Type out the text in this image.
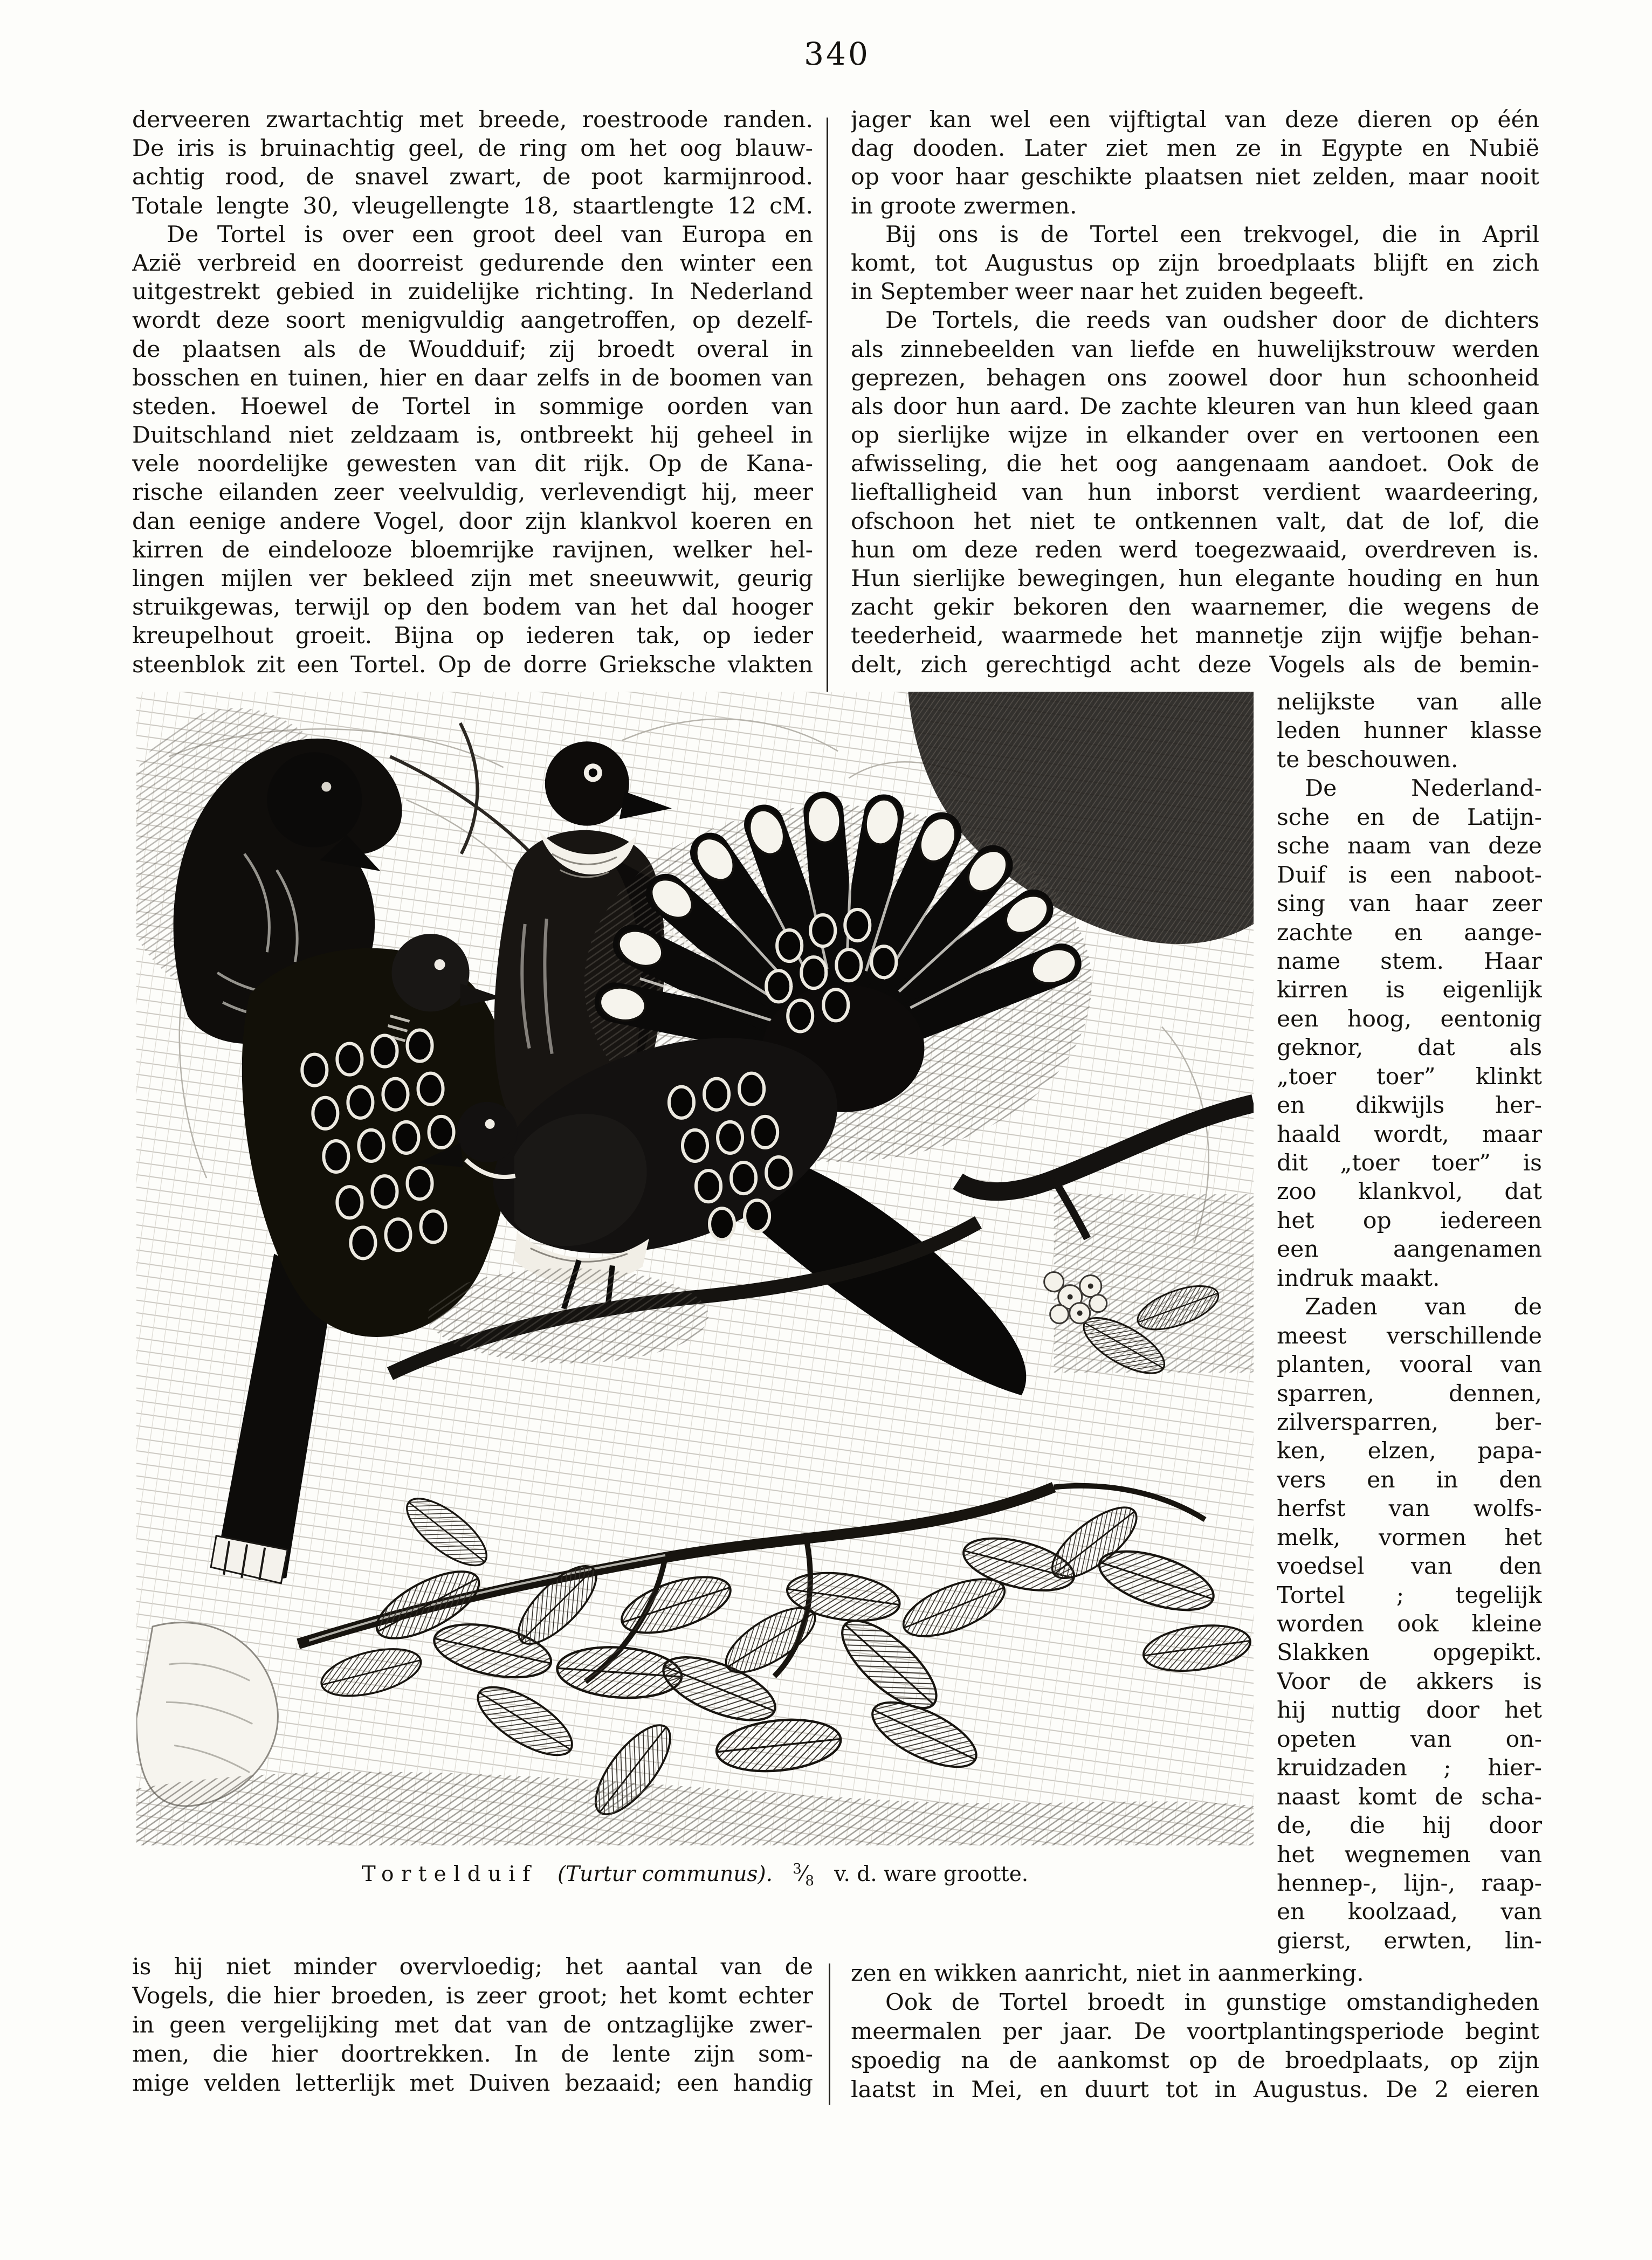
340
derveeren zwartachtig met breede, roestroode randen.
De iris is bruinachtig geel, de ring om het oog blauw-
achtig rood, de snavel zwart, de poot karmijnrood.
Totale lengte 30, vleugellengte 18, staartlengte 12 cM.
De Tortel is over een groot deel van Europa en
Azië verbreid en doorreist gedurende den winter een
uitgestrekt gebied in zuidelijke richting. In Nederland
wordt deze soort menigvuldig aangetroffen, op dezelf-
de plaatsen als de Woudduif; zij broedt overal in
bosschen en tuinen, hier en daar zelfs in de boomen van
steden. Hoewel de Tortel in sommige oorden van
Duitschland niet zeldzaam is, ontbreekt hij geheel in
vele noordelijke gewesten van dit rijk. Op de Kana-
rische eilanden zeer veelvuldig, verlevendigt hij, meer
dan eenige andere Vogel, door zijn klankvol koeren en
kirren de eindelooze bloemrijke ravijnen, welker hel-
lingen mijlen ver bekleed zijn met sneeuwwit, geurig
struikgewas, terwijl op den bodem van het dal hooger
kreupelhout groeit. Bijna op iederen tak, op ieder
steenblok zit een Tortel. Op de dorre Grieksche vlakten
jager kan wel een vijftigtal van deze dieren op één
dag dooden. Later ziet men ze in Egypte en Nubië
op voor haar geschikte plaatsen niet zelden, maar nooit
in groote zwermen.
Bij ons is de Tortel een trekvogel, die in April
komt, tot Augustus op zijn broedplaats blijft en zich
in September weer naar het zuiden begeeft.
De Tortels, die reeds van oudsher door de dichters
als zinnebeelden van liefde en huwelijkstrouw werden
geprezen, behagen ons zoowel door hun schoonheid
als door hun aard. De zachte kleuren van hun kleed gaan
op sierlijke wijze in elkander over en vertoonen een
afwisseling, die het oog aangenaam aandoet. Ook de
lieftalligheid van hun inborst verdient waardeering,
ofschoon het niet te ontkennen valt, dat de lof, die
hun om deze reden werd toegezwaaid, overdreven is.
Hun sierlijke bewegingen, hun elegante houding en hun
zacht gekir bekoren den waarnemer, die wegens de
teederheid, waarmede het mannetje zijn wijfje behan-
delt, zich gerechtigd acht deze Vogels als de bemin-
nelijkste van alle
leden hunner klasse
te beschouwen.
De Nederland-
sche en de Latijn-
sche naam van deze
Duif is een naboot-
sing van haar zeer
zachte en aange-
name stem. Haar
kirren is eigenlijk
een hoog, eentonig
geknor, dat als
„toer toer” klinkt
en dikwijls her-
haald wordt, maar
dit „toer toer” is
zoo klankvol, dat
het op iedereen
een aangenamen
indruk maakt.
Zaden van de
meest verschillende
planten, vooral van
sparren, dennen,
zilversparren, ber-
ken, elzen, papa-
vers en in den
herfst van wolfs-
melk, vormen het
voedsel van den
Tortel ; tegelijk
worden ook kleine
Slakken opgepikt.
Voor de akkers is
hij nuttig door het
opeten van on-
kruidzaden ; hier-
naast komt de scha-
de, die hij door
het wegnemen van
hennep-, lijn-, raap-
en koolzaad, van
gierst, erwten, lin-
is hij niet minder overvloedig; het aantal van de
Vogels, die hier broeden, is zeer groot; het komt echter
in geen vergelijking met dat van de ontzaglijke zwer-
men, die hier doortrekken. In de lente zijn som-
mige velden letterlijk met Duiven bezaaid; een handig
zen en wikken aanricht, niet in aanmerking.
Ook de Tortel broedt in gunstige omstandigheden
meermalen per jaar. De voortplantingsperiode begint
spoedig na de aankomst op de broedplaats, op zijn
laatst in Mei, en duurt tot in Augustus. De 2 eieren
Tortelduif (Turtur communus). $^3⁄_8$ v. d. ware grootte.
